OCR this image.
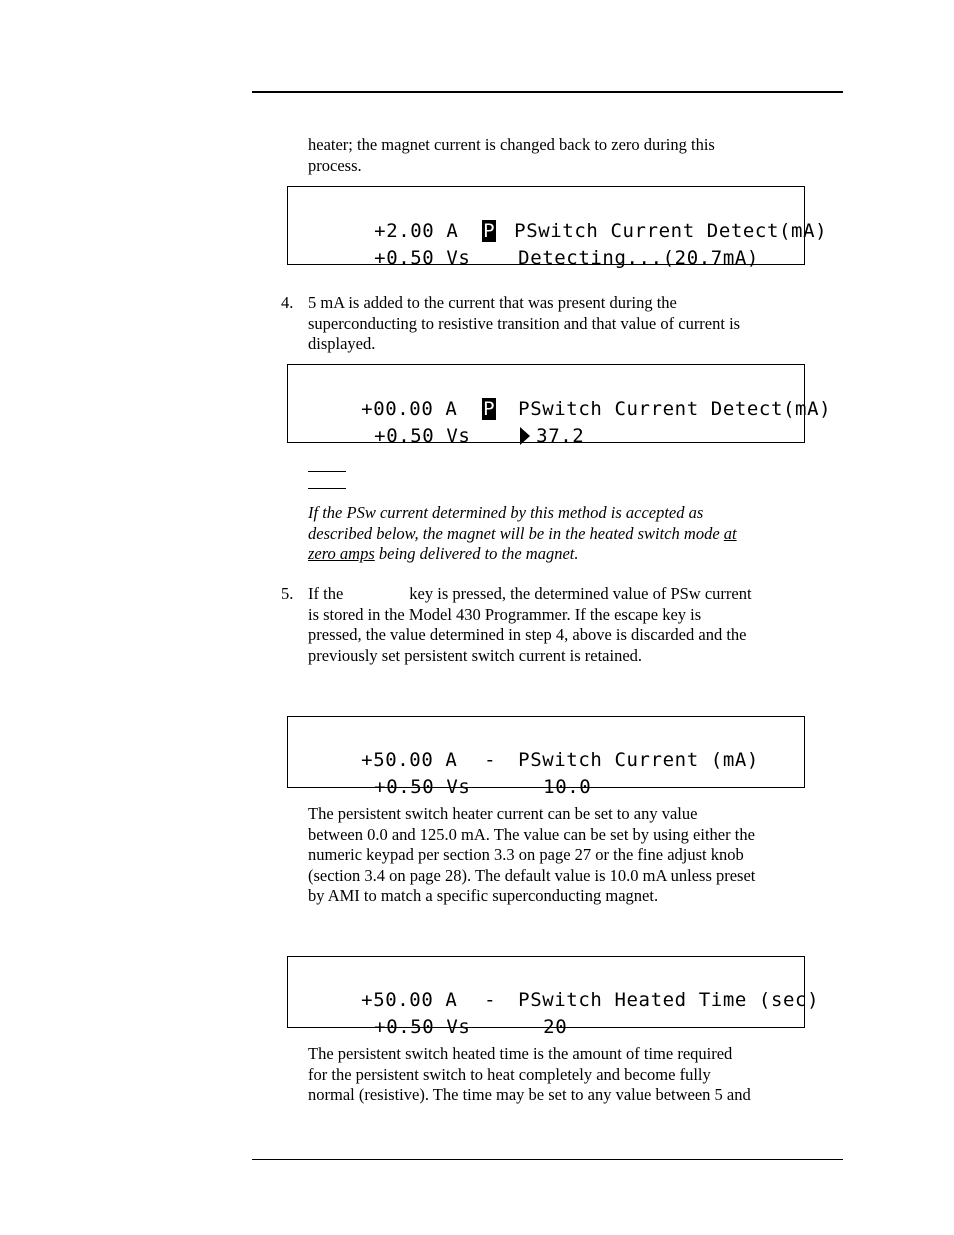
heater; the magnet current is changed back to zero during this
process.

+2.00 A
	P
PSwitch Current Detect(mA)

+0.50 Vs
	Detecting...(20.7mA)

4. 5 mA is added to the current that was present during the
superconducting to resistive transition and that value of current is
displayed.

+00.00 A
	P
	PSwitch Current Detect(mA)

+0.50 Vs
	37.2

If the PSw current determined by this method is accepted as
described below, the magnet will be in the heated switch mode at
zero amps being delivered to the magnet.

5. If the	key is pressed, the determined value of PSw current
is stored in the Model 430 Programmer. If the escape key is
pressed, the value determined in step 4, above is discarded and the
previously set persistent switch current is retained.

+50.00 A
	-
	PSwitch Current (mA)

+0.50 Vs
	10.0

The persistent switch heater current can be set to any value
between 0.0 and 125.0 mA. The value can be set by using either the
numeric keypad per section 3.3 on page 27 or the fine adjust knob
(section 3.4 on page 28). The default value is 10.0 mA unless preset
by AMI to match a specific superconducting magnet.

+50.00 A
	-
	PSwitch Heated Time (sec)

+0.50 Vs
	20

The persistent switch heated time is the amount of time required
for the persistent switch to heat completely and become fully
normal (resistive). The time may be set to any value between 5 and
